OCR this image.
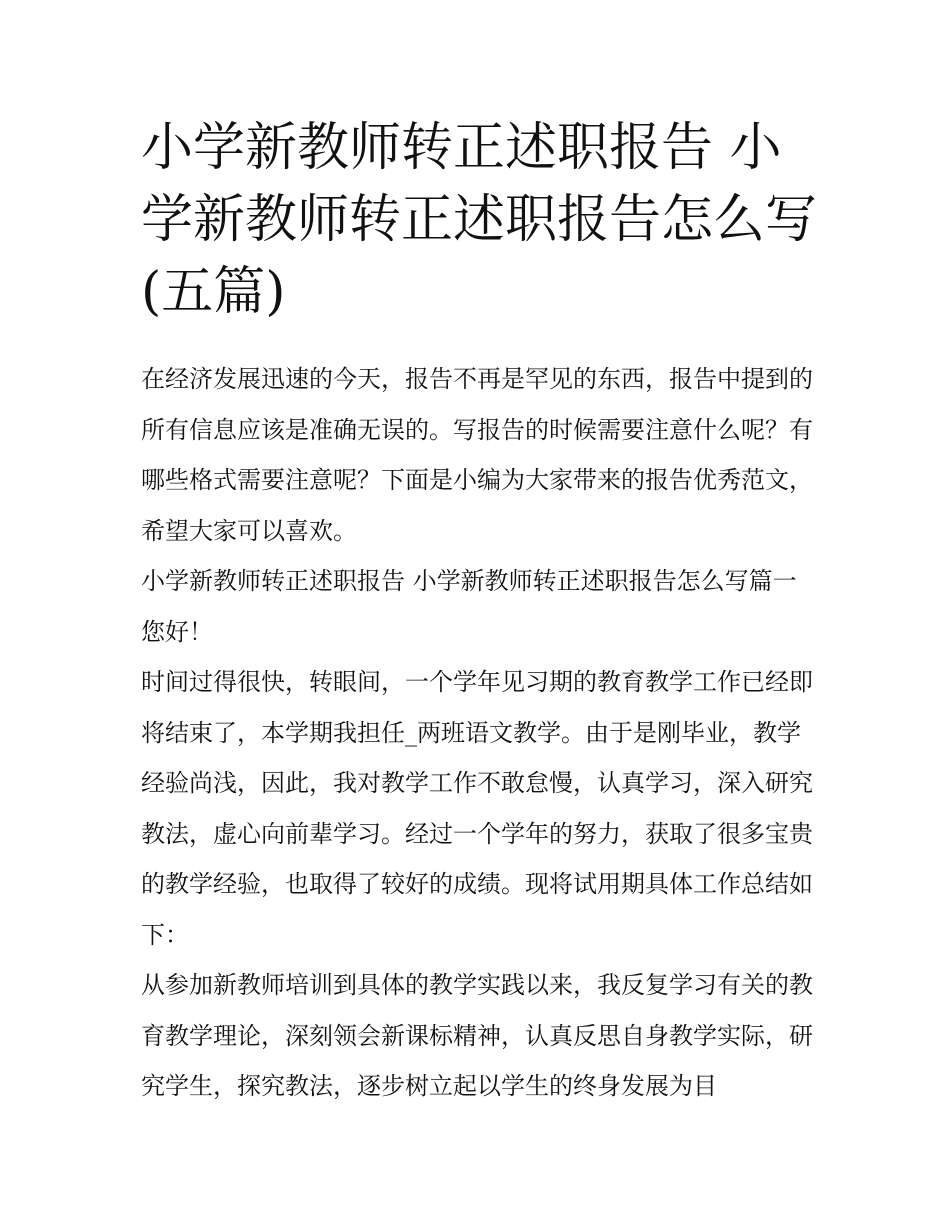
小学新教师转正述职报告 小学新教师转正述职报告怎么写(五篇)

在经济发展迅速的今天，报告不再是罕见的东西，报告中提到的所有信息应该是准确无误的。写报告的时候需要注意什么呢？有哪些格式需要注意呢？下面是小编为大家带来的报告优秀范文，希望大家可以喜欢。

小学新教师转正述职报告 小学新教师转正述职报告怎么写篇一 您好！

时间过得很快，转眼间，一个学年见习期的教育教学工作已经即将结束了，本学期我担任_两班语文教学。由于是刚毕业，教学经验尚浅，因此，我对教学工作不敢怠慢，认真学习，深入研究教法，虚心向前辈学习。经过一个学年的努力，获取了很多宝贵的教学经验，也取得了较好的成绩。现将试用期具体工作总结如下：

从参加新教师培训到具体的教学实践以来，我反复学习有关的教育教学理论，深刻领会新课标精神，认真反思自身教学实际，研究学生，探究教法，逐步树立起以学生的终身发展为目
